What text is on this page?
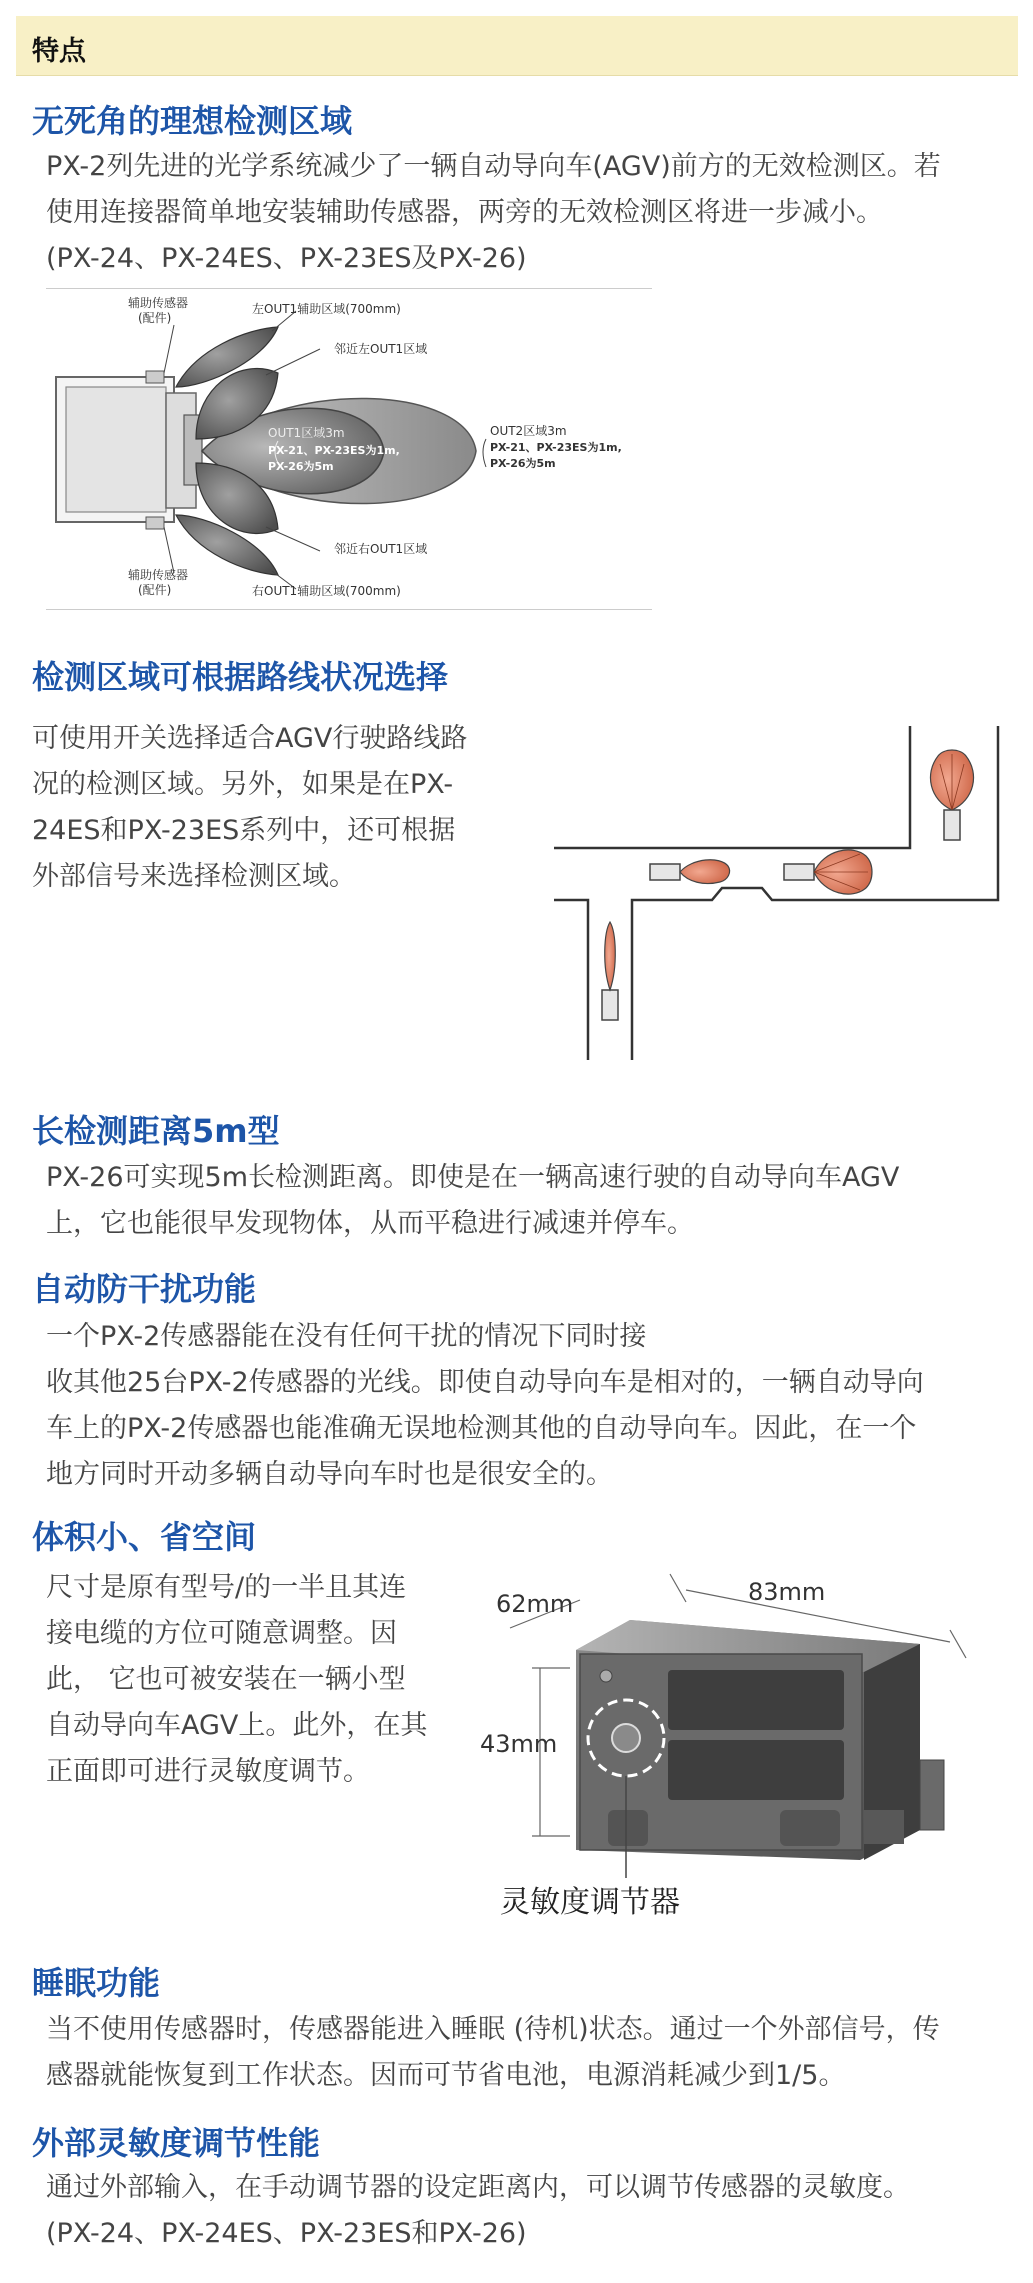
特点
无死角的理想检测区域
PX-2列先进的光学系统减少了一辆自动导向车(AGV)前方的无效检测区。若
使用连接器简单地安装辅助传感器，两旁的无效检测区将进一步减小。
(PX-24、PX-24ES、PX-23ES及PX-26)
辅助传感器
(配件)
左OUT1辅助区域(700mm)
邻近左OUT1区域
OUT1区域3m
PX-21、PX-23ES为1m,
PX-26为5m
OUT2区域3m
PX-21、PX-23ES为1m,
PX-26为5m
邻近右OUT1区域
辅助传感器
(配件)	右OUT1辅助区域(700mm)
检测区域可根据路线状况选择
可使用开关选择适合AGV行驶路线路
况的检测区域。另外，如果是在PX-
24ES和PX-23ES系列中，还可根据
外部信号来选择检测区域。
长检测距离5m型
PX-26可实现5m长检测距离。即使是在一辆高速行驶的自动导向车AGV
上，它也能很早发现物体，从而平稳进行减速并停车。
自动防干扰功能
一个PX-2传感器能在没有任何干扰的情况下同时接
收其他25台PX-2传感器的光线。即使自动导向车是相对的，一辆自动导向
车上的PX-2传感器也能准确无误地检测其他的自动导向车。因此，在一个
地方同时开动多辆自动导向车时也是很安全的。
体积小、省空间
尺寸是原有型号/的一半且其连
接电缆的方位可随意调整。因
此， 它也可被安装在一辆小型
自动导向车AGV上。此外，在其
正面即可进行灵敏度调节。
83mm
62mm
43mm
灵敏度调节器
睡眠功能
当不使用传感器时，传感器能进入睡眠 (待机)状态。通过一个外部信号，传
感器就能恢复到工作状态。因而可节省电池，电源消耗减少到1/5。
外部灵敏度调节性能
通过外部输入，在手动调节器的设定距离内，可以调节传感器的灵敏度。
(PX-24、PX-24ES、PX-23ES和PX-26)
